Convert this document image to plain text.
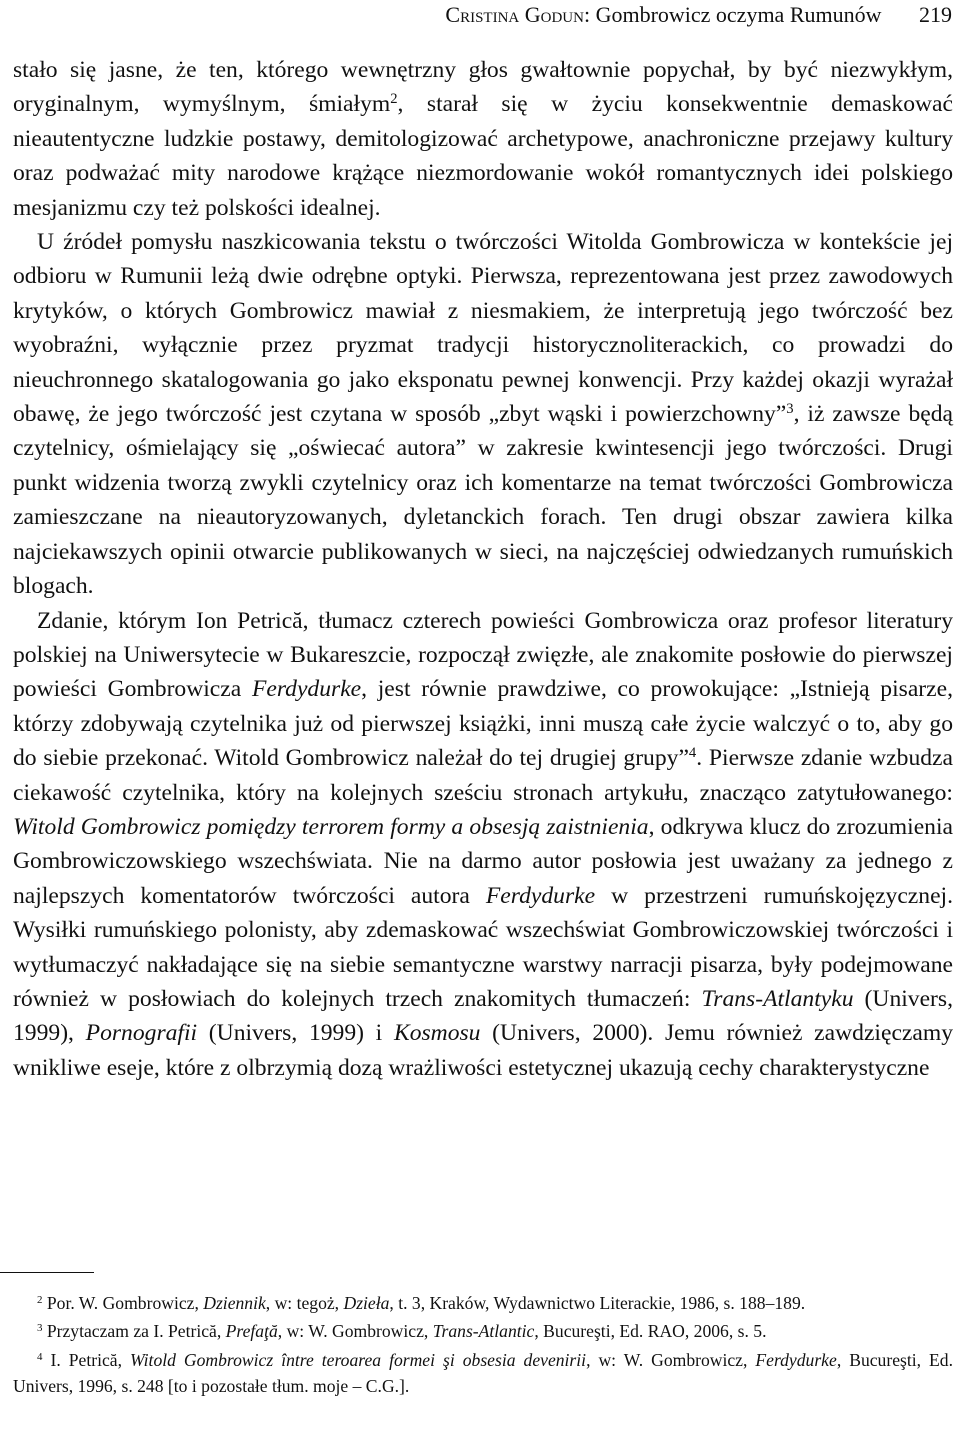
Cristina Godun: Gombrowicz oczyma Rumunów 219

stało się jasne, że ten, którego wewnętrzny głos gwałtownie popychał, by być niezwykłym, oryginalnym, wymyślnym, śmiałym$^2$, starał się w życiu konsekwentnie demaskować nieautentyczne ludzkie postawy, demitologizować archetypowe, anachroniczne przejawy kultury oraz podważać mity narodowe krążące niezmordowanie wokół romantycznych idei polskiego mesjanizmu czy też polskości idealnej.

U źródeł pomysłu naszkicowania tekstu o twórczości Witolda Gombrowicza w kontekście jej odbioru w Rumunii leżą dwie odrębne optyki. Pierwsza, reprezentowana jest przez zawodowych krytyków, o których Gombrowicz mawiał z niesmakiem, że interpretują jego twórczość bez wyobraźni, wyłącznie przez pryzmat tradycji historycznoliterackich, co prowadzi do nieuchronnego skatalogowania go jako eksponatu pewnej konwencji. Przy każdej okazji wyrażał obawę, że jego twórczość jest czytana w sposób „zbyt wąski i powierzchowny”$^3$, iż zawsze będą czytelnicy, ośmielający się „oświecać autora” w zakresie kwintesencji jego twórczości. Drugi punkt widzenia tworzą zwykli czytelnicy oraz ich komentarze na temat twórczości Gombrowicza zamieszczane na nieautoryzowanych, dyletanckich forach. Ten drugi obszar zawiera kilka najciekawszych opinii otwarcie publikowanych w sieci, na najczęściej odwiedzanych rumuńskich blogach.

Zdanie, którym Ion Petrică, tłumacz czterech powieści Gombrowicza oraz profesor literatury polskiej na Uniwersytecie w Bukareszcie, rozpoczął zwięzłe, ale znakomite posłowie do pierwszej powieści Gombrowicza Ferdydurke, jest równie prawdziwe, co prowokujące: „Istnieją pisarze, którzy zdobywają czytelnika już od pierwszej książki, inni muszą całe życie walczyć o to, aby go do siebie przekonać. Witold Gombrowicz należał do tej drugiej grupy”$^4$. Pierwsze zdanie wzbudza ciekawość czytelnika, który na kolejnych sześciu stronach artykułu, znacząco zatytułowanego: Witold Gombrowicz pomiędzy terrorem formy a obsesją zaistnienia, odkrywa klucz do zrozumienia Gombrowiczowskiego wszechświata. Nie na darmo autor posłowia jest uważany za jednego z najlepszych komentatorów twórczości autora Ferdydurke w przestrzeni rumuńskojęzycznej. Wysiłki rumuńskiego polonisty, aby zdemaskować wszechświat Gombrowiczowskiej twórczości i wytłumaczyć nakładające się na siebie semantyczne warstwy narracji pisarza, były podejmowane również w posłowiach do kolejnych trzech znakomitych tłumaczeń: Trans-Atlantyku (Univers, 1999), Pornografii (Univers, 1999) i Kosmosu (Univers, 2000). Jemu również zawdzięczamy wnikliwe eseje, które z olbrzymią dozą wrażliwości estetycznej ukazują cechy charakterystyczne

$^2$ Por. W. Gombrowicz, Dziennik, w: tegoż, Dzieła, t. 3, Kraków, Wydawnictwo Literackie, 1986, s. 188–189.

$^3$ Przytaczam za I. Petrică, Prefaţă, w: W. Gombrowicz, Trans-Atlantic, Bucureşti, Ed. RAO, 2006, s. 5.

$^4$ I. Petrică, Witold Gombrowicz între teroarea formei şi obsesia devenirii, w: W. Gombrowicz, Ferdydurke, Bucureşti, Ed. Univers, 1996, s. 248 [to i pozostałe tłum. moje – C.G.].
